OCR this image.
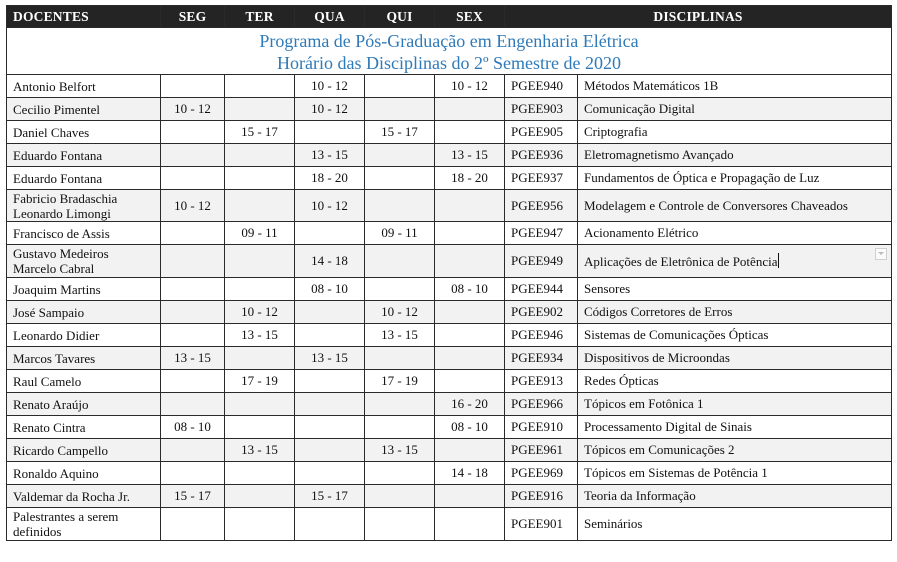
Programa de Pós-Graduação em Engenharia Elétrica
Horário das Disciplinas do 2º Semestre de 2020							

DOCENTES	SEG	TER	QUA	QUI	SEX	DISCIPLINAS	

Antonio Belfort			10 - 12		10 - 12	PGEE940	Métodos Matemáticos 1B

Cecilio Pimentel	10 - 12		10 - 12			PGEE903	Comunicação Digital

Daniel Chaves		15 - 17		15 - 17		PGEE905	Criptografia

Eduardo Fontana			13 - 15		13 - 15	PGEE936	Eletromagnetismo Avançado

Eduardo Fontana			18 - 20		18 - 20	PGEE937	Fundamentos de Óptica e Propagação de Luz

Fabricio Bradaschia
Leonardo Limongi	10 - 12		10 - 12			PGEE956	Modelagem e Controle de Conversores Chaveados

Francisco de Assis		09 - 11		09 - 11		PGEE947	Acionamento Elétrico

Gustavo Medeiros
Marcelo Cabral			14 - 18			PGEE949	Aplicações de Eletrônica de Potência

Joaquim Martins			08 - 10		08 - 10	PGEE944	Sensores

José Sampaio		10 - 12		10 - 12		PGEE902	Códigos Corretores de Erros

Leonardo Didier		13 - 15		13 - 15		PGEE946	Sistemas de Comunicações Ópticas

Marcos Tavares	13 - 15		13 - 15			PGEE934	Dispositivos de Microondas

Raul Camelo		17 - 19		17 - 19		PGEE913	Redes Ópticas

Renato Araújo					16 - 20	PGEE966	Tópicos em Fotônica 1

Renato Cintra	08 - 10				08 - 10	PGEE910	Processamento Digital de Sinais

Ricardo Campello		13 - 15		13 - 15		PGEE961	Tópicos em Comunicações 2

Ronaldo Aquino					14 - 18	PGEE969	Tópicos em Sistemas de Potência 1

Valdemar da Rocha Jr.	15 - 17		15 - 17			PGEE916	Teoria da Informação

Palestrantes a serem
definidos						PGEE901	Seminários
